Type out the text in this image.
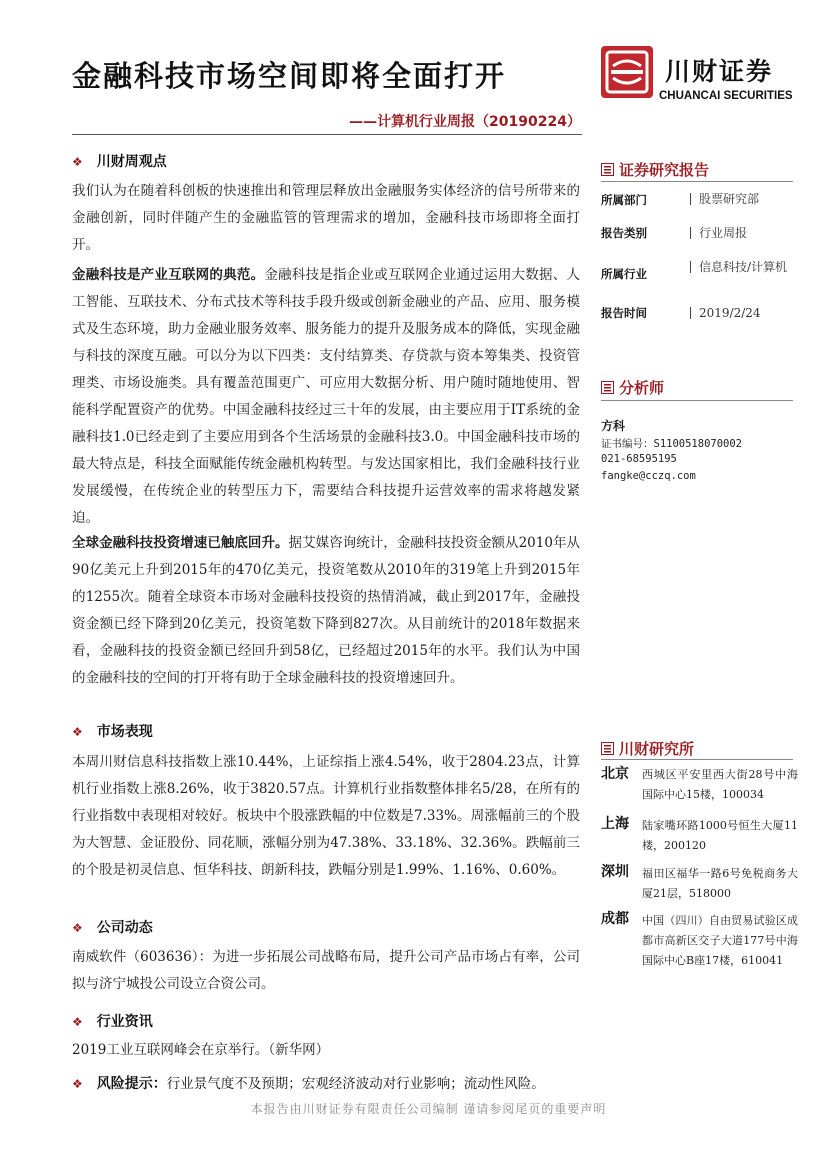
金融科技市场空间即将全面打开
——计算机行业周报（20190224）
川财证券
CHUANCAI SECURITIES
❖ 川财周观点
我们认为在随着科创板的快速推出和管理层释放出金融服务实体经济的信号所带来的金融创新，同时伴随产生的金融监管的管理需求的增加，金融科技市场即将全面打开。
金融科技是产业互联网的典范。金融科技是指企业或互联网企业通过运用大数据、人工智能、互联技术、分布式技术等科技手段升级或创新金融业的产品、应用、服务模式及生态环境，助力金融业服务效率、服务能力的提升及服务成本的降低，实现金融与科技的深度互融。可以分为以下四类：支付结算类、存贷款与资本筹集类、投资管理类、市场设施类。具有覆盖范围更广、可应用大数据分析、用户随时随地使用、智能科学配置资产的优势。中国金融科技经过三十年的发展，由主要应用于IT系统的金融科技1.0已经走到了主要应用到各个生活场景的金融科技3.0。中国金融科技市场的最大特点是，科技全面赋能传统金融机构转型。与发达国家相比，我们金融科技行业发展缓慢，在传统企业的转型压力下，需要结合科技提升运营效率的需求将越发紧迫。
全球金融科技投资增速已触底回升。据艾媒咨询统计，金融科技投资金额从2010年从90亿美元上升到2015年的470亿美元，投资笔数从2010年的319笔上升到2015年的1255次。随着全球资本市场对金融科技投资的热情消减，截止到2017年，金融投资金额已经下降到20亿美元，投资笔数下降到827次。从目前统计的2018年数据来看，金融科技的投资金额已经回升到58亿，已经超过2015年的水平。我们认为中国的金融科技的空间的打开将有助于全球金融科技的投资增速回升。
❖ 市场表现
本周川财信息科技指数上涨10.44%，上证综指上涨4.54%，收于2804.23点，计算机行业指数上涨8.26%，收于3820.57点。计算机行业指数整体排名5/28，在所有的行业指数中表现相对较好。板块中个股涨跌幅的中位数是7.33%。周涨幅前三的个股为大智慧、金证股份、同花顺，涨幅分别为47.38%、33.18%、32.36%。跌幅前三的个股是初灵信息、恒华科技、朗新科技，跌幅分别是1.99%、1.16%、0.60%。
❖ 公司动态
南威软件（603636）：为进一步拓展公司战略布局，提升公司产品市场占有率，公司拟与济宁城投公司设立合资公司。
❖ 行业资讯
2019工业互联网峰会在京举行。（新华网）
❖ 风险提示：行业景气度不及预期；宏观经济波动对行业影响；流动性风险。
证券研究报告
所属部门	股票研究部
报告类别	行业周报
所属行业	信息科技/计算机
报告时间	2019/2/24
分析师
方科
证书编号：S1100518070002
021-68595195
fangke@cczq.com
川财研究所
北京 西城区平安里西大街28号中海国际中心15楼，100034
上海 陆家嘴环路1000号恒生大厦11楼，200120
深圳 福田区福华一路6号免税商务大厦21层，518000
成都 中国（四川）自由贸易试验区成都市高新区交子大道177号中海国际中心B座17楼，610041
本报告由川财证券有限责任公司编制 谨请参阅尾页的重要声明
